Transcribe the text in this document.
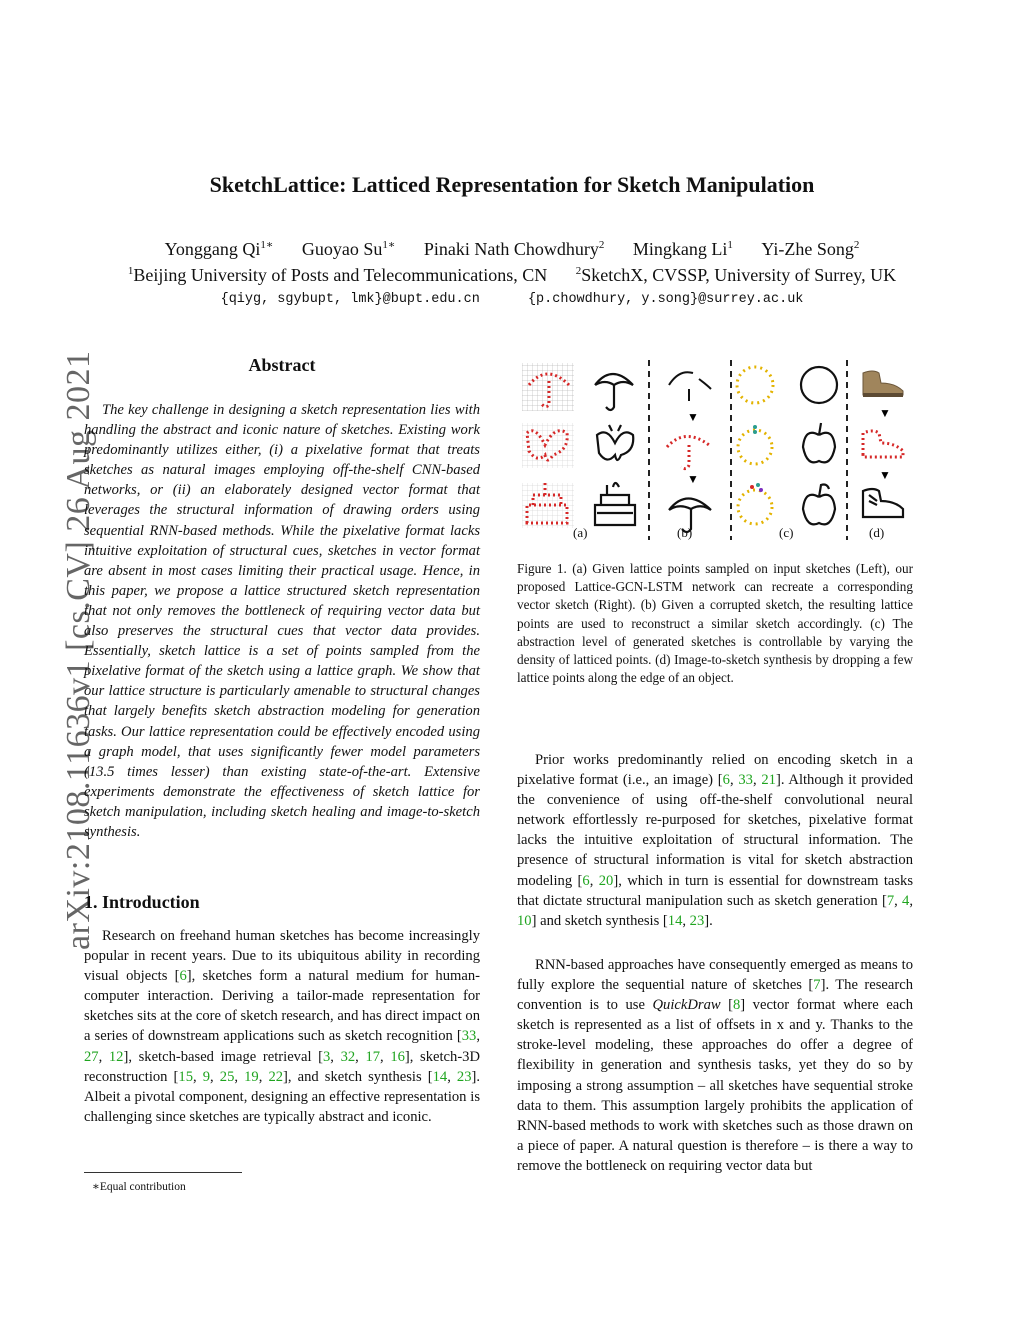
SketchLattice: Latticed Representation for Sketch Manipulation
Yonggang $Qi^{1∗}$ Guoyao $Su^{1∗}$ Pinaki Nath Chowdhury$^2$ Mingkang Li$^1$ Yi-Zhe Song$^2$
$^1$Beijing University of Posts and Telecommunications, CN	$^2$SketchX, CVSSP, University of Surrey, UK
{qiyg, sgybupt, lmk}@bupt.edu.cn	{p.chowdhury, y.song}@surrey.ac.uk
arXiv:2108.11636v1 [cs.CV] 26 Aug 2021	Abstract
The key challenge in designing a sketch representation lies with handling the abstract and iconic nature of sketches. Existing work predominantly utilizes either, (i) a pixelative format that treats sketches as natural images employing off-the-shelf CNN-based networks, or (ii) an elaborately designed vector format that leverages the structural information of drawing orders using sequential RNN-based methods. While the pixelative format lacks intuitive exploitation of structural cues, sketches in vector format are absent in most cases limiting their practical usage. Hence, in this paper, we propose a lattice structured sketch representation that not only removes the bottleneck of requiring vector data but also preserves the structural cues that vector data provides. Essentially, sketch lattice is a set of points sampled from the pixelative format of the sketch using a lattice graph. We show that our lattice structure is particularly amenable to structural changes that largely benefits sketch abstraction modeling for generation tasks. Our lattice representation could be effectively encoded using a graph model, that uses significantly fewer model parameters (13.5 times lesser) than existing state-of-the-art. Extensive experiments demonstrate the effectiveness of sketch lattice for sketch manipulation, including sketch healing and image-to-sketch synthesis.
1. Introduction
Research on freehand human sketches has become increasingly popular in recent years. Due to its ubiquitous ability in recording visual objects [6], sketches form a natural medium for human-computer interaction. Deriving a tailor-made representation for sketches sits at the core of sketch research, and has direct impact on a series of downstream applications such as sketch recognition [33, 27, 12], sketch-based image retrieval [3, 32, 17, 16], sketch-3D reconstruction [15, 9, 25, 19, 22], and sketch synthesis [14, 23]. Albeit a pivotal component, designing an effective representation is challenging since sketches are typically abstract and iconic.
∗Equal contribution
▼
▼
▼
▼
(a)	(b)	(c)	(d)
Figure 1. (a) Given lattice points sampled on input sketches (Left), our proposed Lattice-GCN-LSTM network can recreate a corresponding vector sketch (Right). (b) Given a corrupted sketch, the resulting lattice points are used to reconstruct a similar sketch accordingly. (c) The abstraction level of generated sketches is controllable by varying the density of latticed points. (d) Image-to-sketch synthesis by dropping a few lattice points along the edge of an object.
Prior works predominantly relied on encoding sketch in a pixelative format (i.e., an image) [6, 33, 21]. Although it provided the convenience of using off-the-shelf convolutional neural network effortlessly re-purposed for sketches, pixelative format lacks the intuitive exploitation of structural information. The presence of structural information is vital for sketch abstraction modeling [6, 20], which in turn is essential for downstream tasks that dictate structural manipulation such as sketch generation [7, 4, 10] and sketch synthesis [14, 23].
RNN-based approaches have consequently emerged as means to fully explore the sequential nature of sketches [7]. The research convention is to use QuickDraw [8] vector format where each sketch is represented as a list of offsets in x and y. Thanks to the stroke-level modeling, these approaches do offer a degree of flexibility in generation and synthesis tasks, yet they do so by imposing a strong assumption – all sketches have sequential stroke data to them. This assumption largely prohibits the application of RNN-based methods to work with sketches such as those drawn on a piece of paper. A natural question is therefore – is there a way to remove the bottleneck on requiring vector data but
